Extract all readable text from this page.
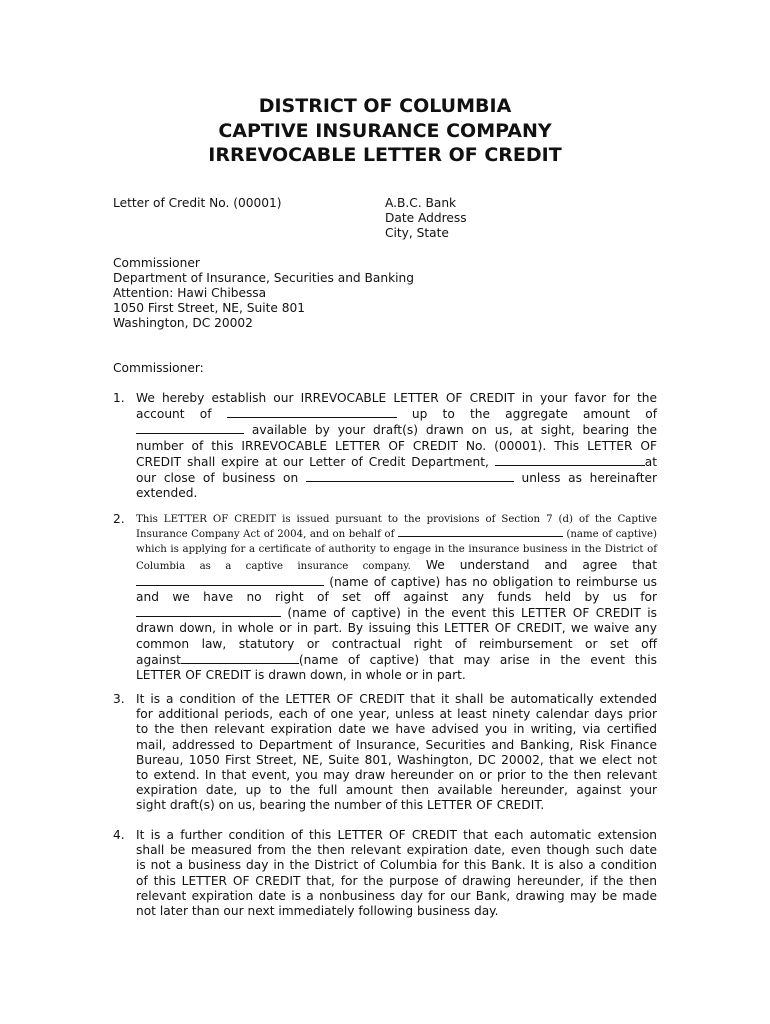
DISTRICT OF COLUMBIA
CAPTIVE INSURANCE COMPANY
IRREVOCABLE LETTER OF CREDIT
Letter of Credit No. (00001)	A.B.C. Bank
Date Address
City, State
Commissioner
Department of Insurance, Securities and Banking
Attention: Hawi Chibessa
1050 First Street, NE, Suite 801
Washington, DC 20002
Commissioner:
1. We hereby establish our IRREVOCABLE LETTER OF CREDIT in your favor for the
account of	up to the aggregate amount of
available by your draft(s) drawn on us, at sight, bearing the
number of this IRREVOCABLE LETTER OF CREDIT No. (00001). This LETTER OF
CREDIT shall expire at our Letter of Credit Department,	at
our close of business on	unless as hereinafter
extended.
2. This LETTER OF CREDIT is issued pursuant to the provisions of Section 7 (d) of the Captive
Insurance Company Act of 2004, and on behalf of	(name of captive)
which is applying for a certificate of authority to engage in the insurance business in the District of
Columbia as a captive insurance company. We understand and agree that
(name of captive) has no obligation to reimburse us
and we have no right of set off against any funds held by us for
(name of captive) in the event this LETTER OF CREDIT is
drawn down, in whole or in part. By issuing this LETTER OF CREDIT, we waive any
common law, statutory or contractual right of reimbursement or set off
against	(name of captive) that may arise in the event this
LETTER OF CREDIT is drawn down, in whole or in part.
3. It is a condition of the LETTER OF CREDIT that it shall be automatically extended
for additional periods, each of one year, unless at least ninety calendar days prior
to the then relevant expiration date we have advised you in writing, via certified
mail, addressed to Department of Insurance, Securities and Banking, Risk Finance
Bureau, 1050 First Street, NE, Suite 801, Washington, DC 20002, that we elect not
to extend. In that event, you may draw hereunder on or prior to the then relevant
expiration date, up to the full amount then available hereunder, against your
sight draft(s) on us, bearing the number of this LETTER OF CREDIT.
4. It is a further condition of this LETTER OF CREDIT that each automatic extension
shall be measured from the then relevant expiration date, even though such date
is not a business day in the District of Columbia for this Bank. It is also a condition
of this LETTER OF CREDIT that, for the purpose of drawing hereunder, if the then
relevant expiration date is a nonbusiness day for our Bank, drawing may be made
not later than our next immediately following business day.
